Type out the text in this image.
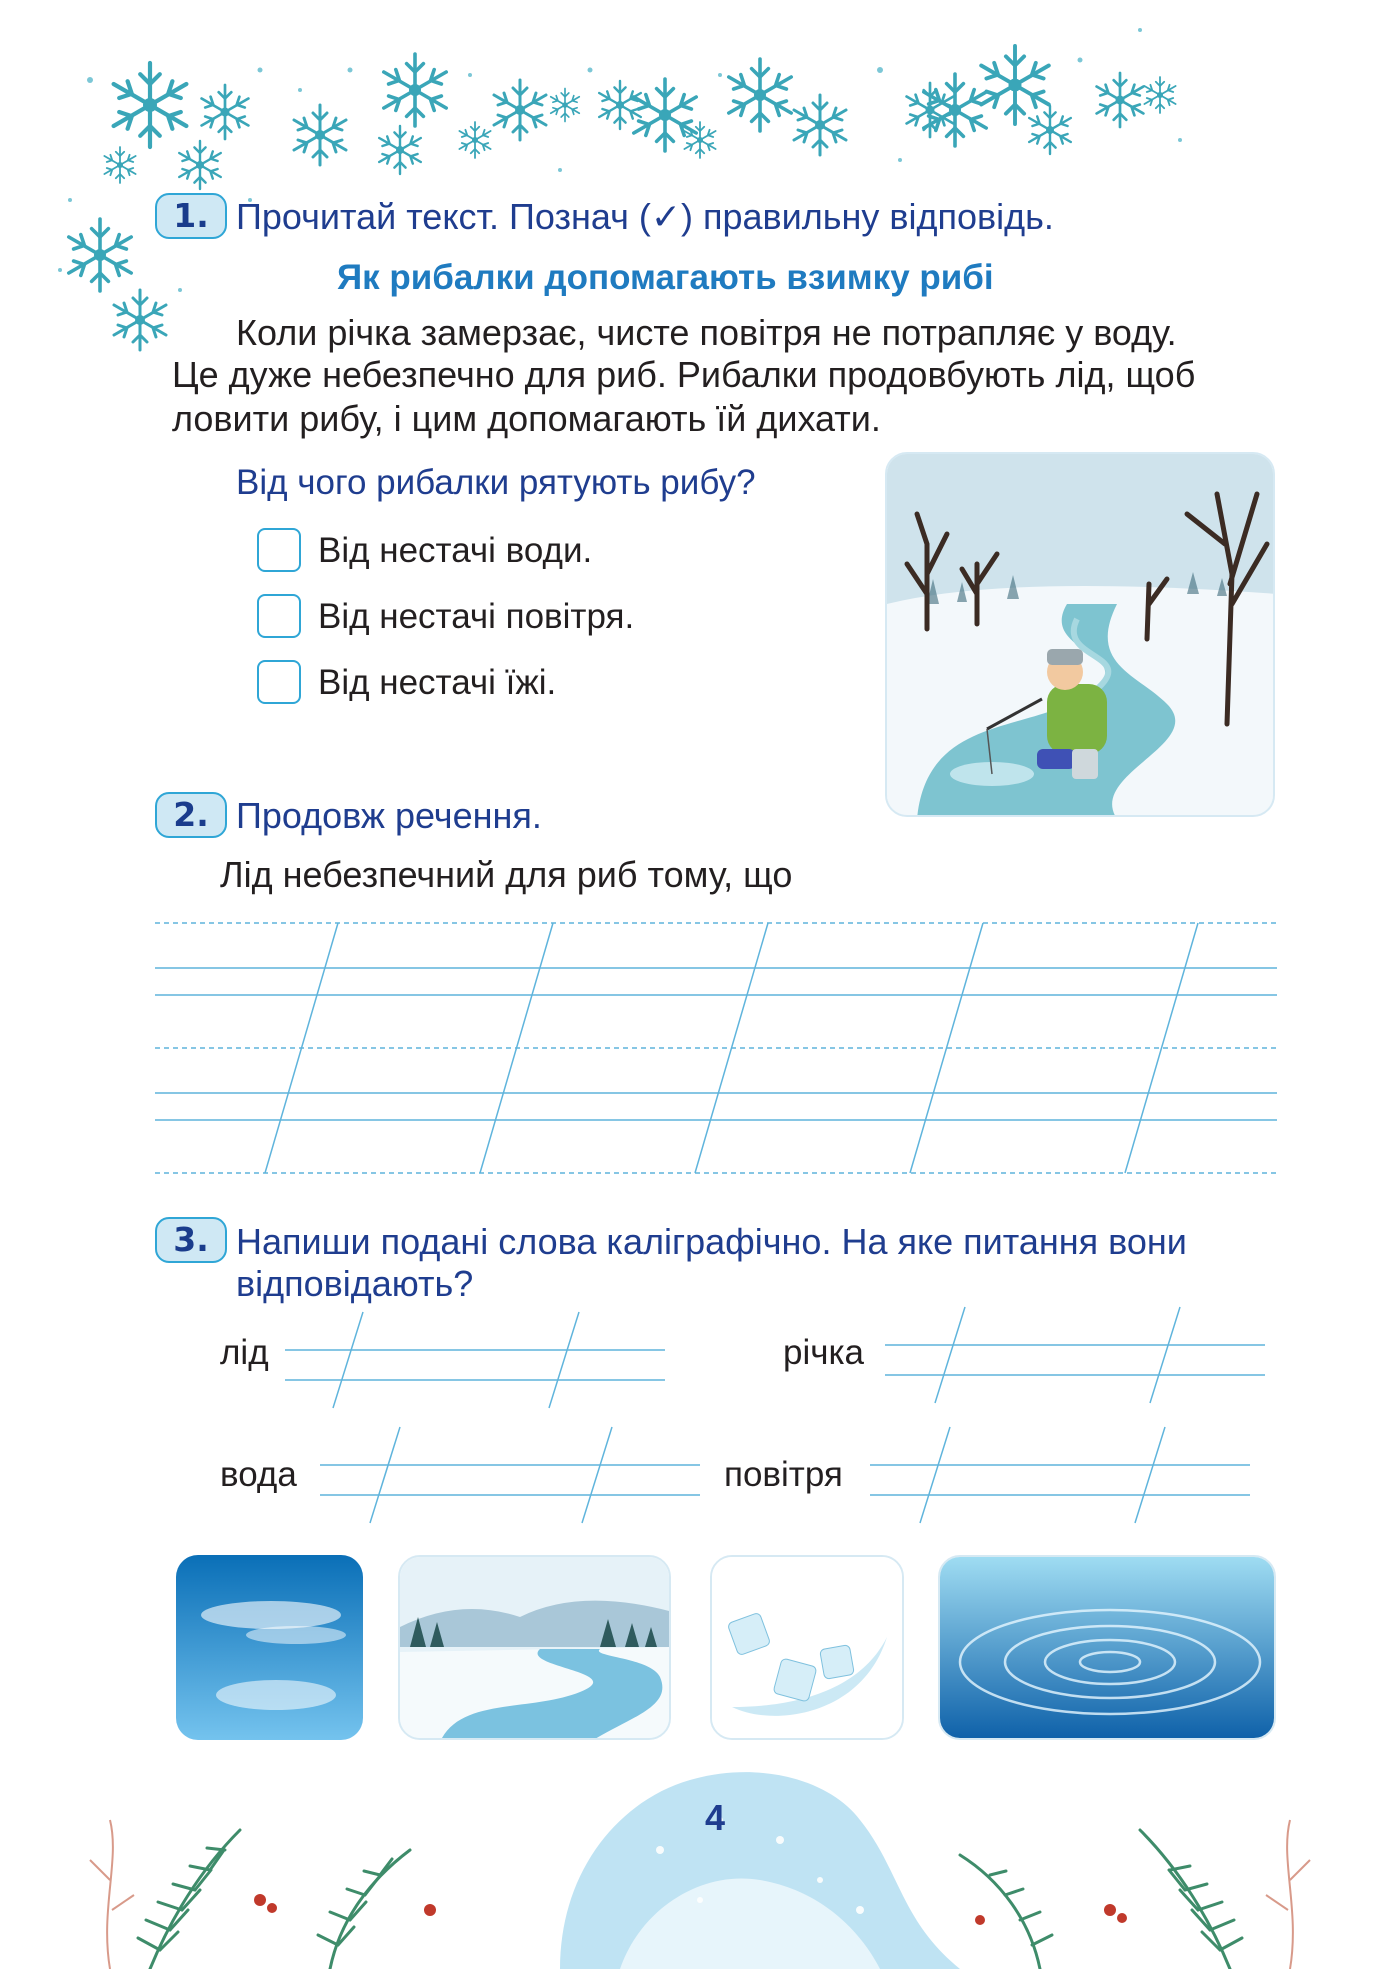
1. Прочитай текст. Познач (✓) правильну відповідь.
Як рибалки допомагають взимку рибі
Коли річка замерзає, чисте повітря не потрапляє у воду.
Це дуже небезпечно для риб. Рибалки продовбують лід, щоб
ловити рибу, і цим допомагають їй дихати.
Від чого рибалки рятують рибу?
Від нестачі води.
Від нестачі повітря.
Від нестачі їжі.
2. Продовж речення.
Лід небезпечний для риб тому, що
3. Напиши подані слова каліграфічно. На яке питання вони
відповідають?
лід	річка
вода	повітря
4
